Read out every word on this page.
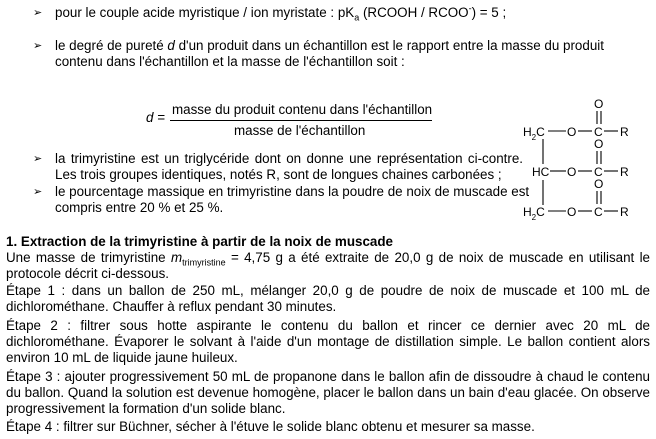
➢ pour le couple acide myristique / ion myristate : $pK_a$ (RCOOH / RCOO-) = 5 ;
➢ le degré de pureté d d'un produit dans un échantillon est le rapport entre la masse du produit
contenu dans l'échantillon et la masse de l'échantillon soit :
d =
masse du produit contenu dans l'échantillon
masse de l'échantillon	$H_2C$ O C R
O
HC O C R
O
$H_2C$ O C R
O
➢ la trimyristine est un triglycéride dont on donne une représentation ci-contre.
Les trois groupes identiques, notés R, sont de longues chaines carbonées ;
➢ le pourcentage massique en trimyristine dans la poudre de noix de muscade est
compris entre 20 % et 25 %.
1. Extraction de la trimyristine à partir de la noix de muscade
Une masse de trimyristine $m_{trimyristine} = 4,75$ g a été extraite de 20,0 g de noix de muscade en utilisant le
protocole décrit ci-dessous.
Étape 1 : dans un ballon de 250 mL, mélanger 20,0 g de poudre de noix de muscade et 100 mL de
dichlorométhane. Chauffer à reflux pendant 30 minutes.
Étape 2 : filtrer sous hotte aspirante le contenu du ballon et rincer ce dernier avec 20 mL de
dichlorométhane. Évaporer le solvant à l'aide d'un montage de distillation simple. Le ballon contient alors
environ 10 mL de liquide jaune huileux.
Étape 3 : ajouter progressivement 50 mL de propanone dans le ballon afin de dissoudre à chaud le contenu
du ballon. Quand la solution est devenue homogène, placer le ballon dans un bain d'eau glacée. On observe
progressivement la formation d'un solide blanc.
Étape 4 : filtrer sur Büchner, sécher à l'étuve le solide blanc obtenu et mesurer sa masse.
